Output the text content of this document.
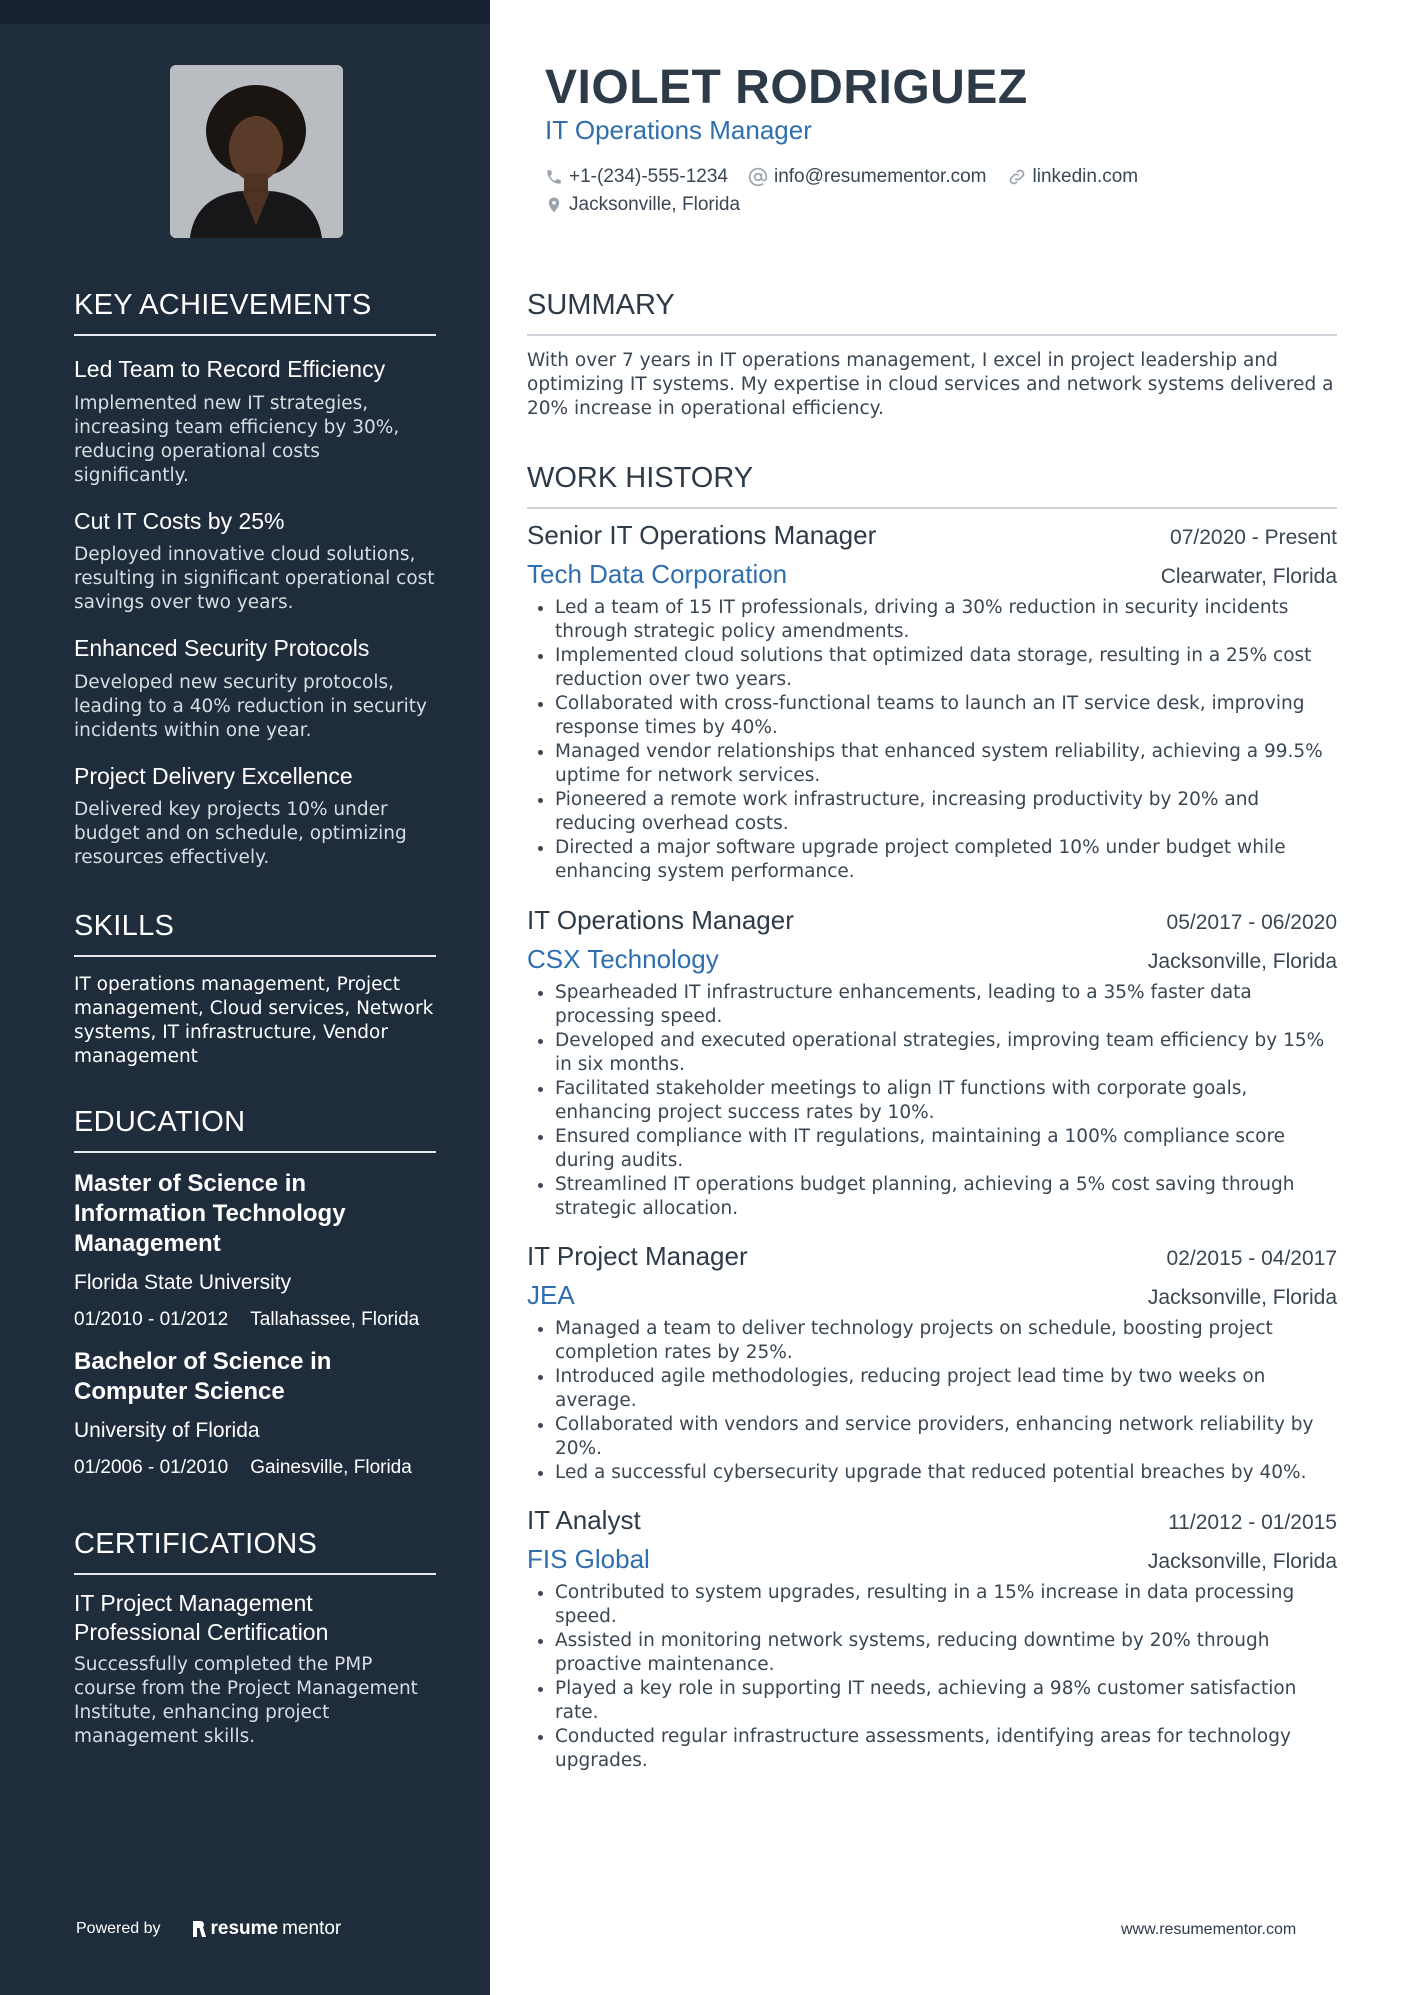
KEY ACHIEVEMENTS
Led Team to Record Efficiency
Implemented new IT strategies, increasing team efficiency by 30%, reducing operational costs significantly.
Cut IT Costs by 25%
Deployed innovative cloud solutions, resulting in significant operational cost savings over two years.
Enhanced Security Protocols
Developed new security protocols, leading to a 40% reduction in security incidents within one year.
Project Delivery Excellence
Delivered key projects 10% under budget and on schedule, optimizing resources effectively.
SKILLS
IT operations management, Project management, Cloud services, Network systems, IT infrastructure, Vendor management
EDUCATION
Master of Science in Information Technology Management
Florida State University
01/2010 - 01/2012 Tallahassee, Florida
Bachelor of Science in Computer Science
University of Florida
01/2006 - 01/2010 Gainesville, Florida
CERTIFICATIONS
IT Project Management Professional Certification
Successfully completed the PMP course from the Project Management Institute, enhancing project management skills.
Powered by	resume mentor
VIOLET RODRIGUEZ
IT Operations Manager
+1-(234)-555-1234 info@resumementor.com linkedin.com
Jacksonville, Florida
SUMMARY
With over 7 years in IT operations management, I excel in project leadership and optimizing IT systems. My expertise in cloud services and network systems delivered a 20% increase in operational efficiency.
WORK HISTORY
Senior IT Operations Manager	07/2020 - Present
Tech Data Corporation	Clearwater, Florida
• Led a team of 15 IT professionals, driving a 30% reduction in security incidents through strategic policy amendments.
• Implemented cloud solutions that optimized data storage, resulting in a 25% cost reduction over two years.
• Collaborated with cross-functional teams to launch an IT service desk, improving response times by 40%.
• Managed vendor relationships that enhanced system reliability, achieving a 99.5% uptime for network services.
• Pioneered a remote work infrastructure, increasing productivity by 20% and reducing overhead costs.
• Directed a major software upgrade project completed 10% under budget while enhancing system performance.
IT Operations Manager	05/2017 - 06/2020
CSX Technology	Jacksonville, Florida
• Spearheaded IT infrastructure enhancements, leading to a 35% faster data processing speed.
• Developed and executed operational strategies, improving team efficiency by 15% in six months.
• Facilitated stakeholder meetings to align IT functions with corporate goals, enhancing project success rates by 10%.
• Ensured compliance with IT regulations, maintaining a 100% compliance score during audits.
• Streamlined IT operations budget planning, achieving a 5% cost saving through strategic allocation.
IT Project Manager	02/2015 - 04/2017
JEA	Jacksonville, Florida
• Managed a team to deliver technology projects on schedule, boosting project completion rates by 25%.
• Introduced agile methodologies, reducing project lead time by two weeks on average.
• Collaborated with vendors and service providers, enhancing network reliability by 20%.
• Led a successful cybersecurity upgrade that reduced potential breaches by 40%.
IT Analyst	11/2012 - 01/2015
FIS Global	Jacksonville, Florida
• Contributed to system upgrades, resulting in a 15% increase in data processing speed.
• Assisted in monitoring network systems, reducing downtime by 20% through proactive maintenance.
• Played a key role in supporting IT needs, achieving a 98% customer satisfaction rate.
• Conducted regular infrastructure assessments, identifying areas for technology upgrades.
www.resumementor.com
